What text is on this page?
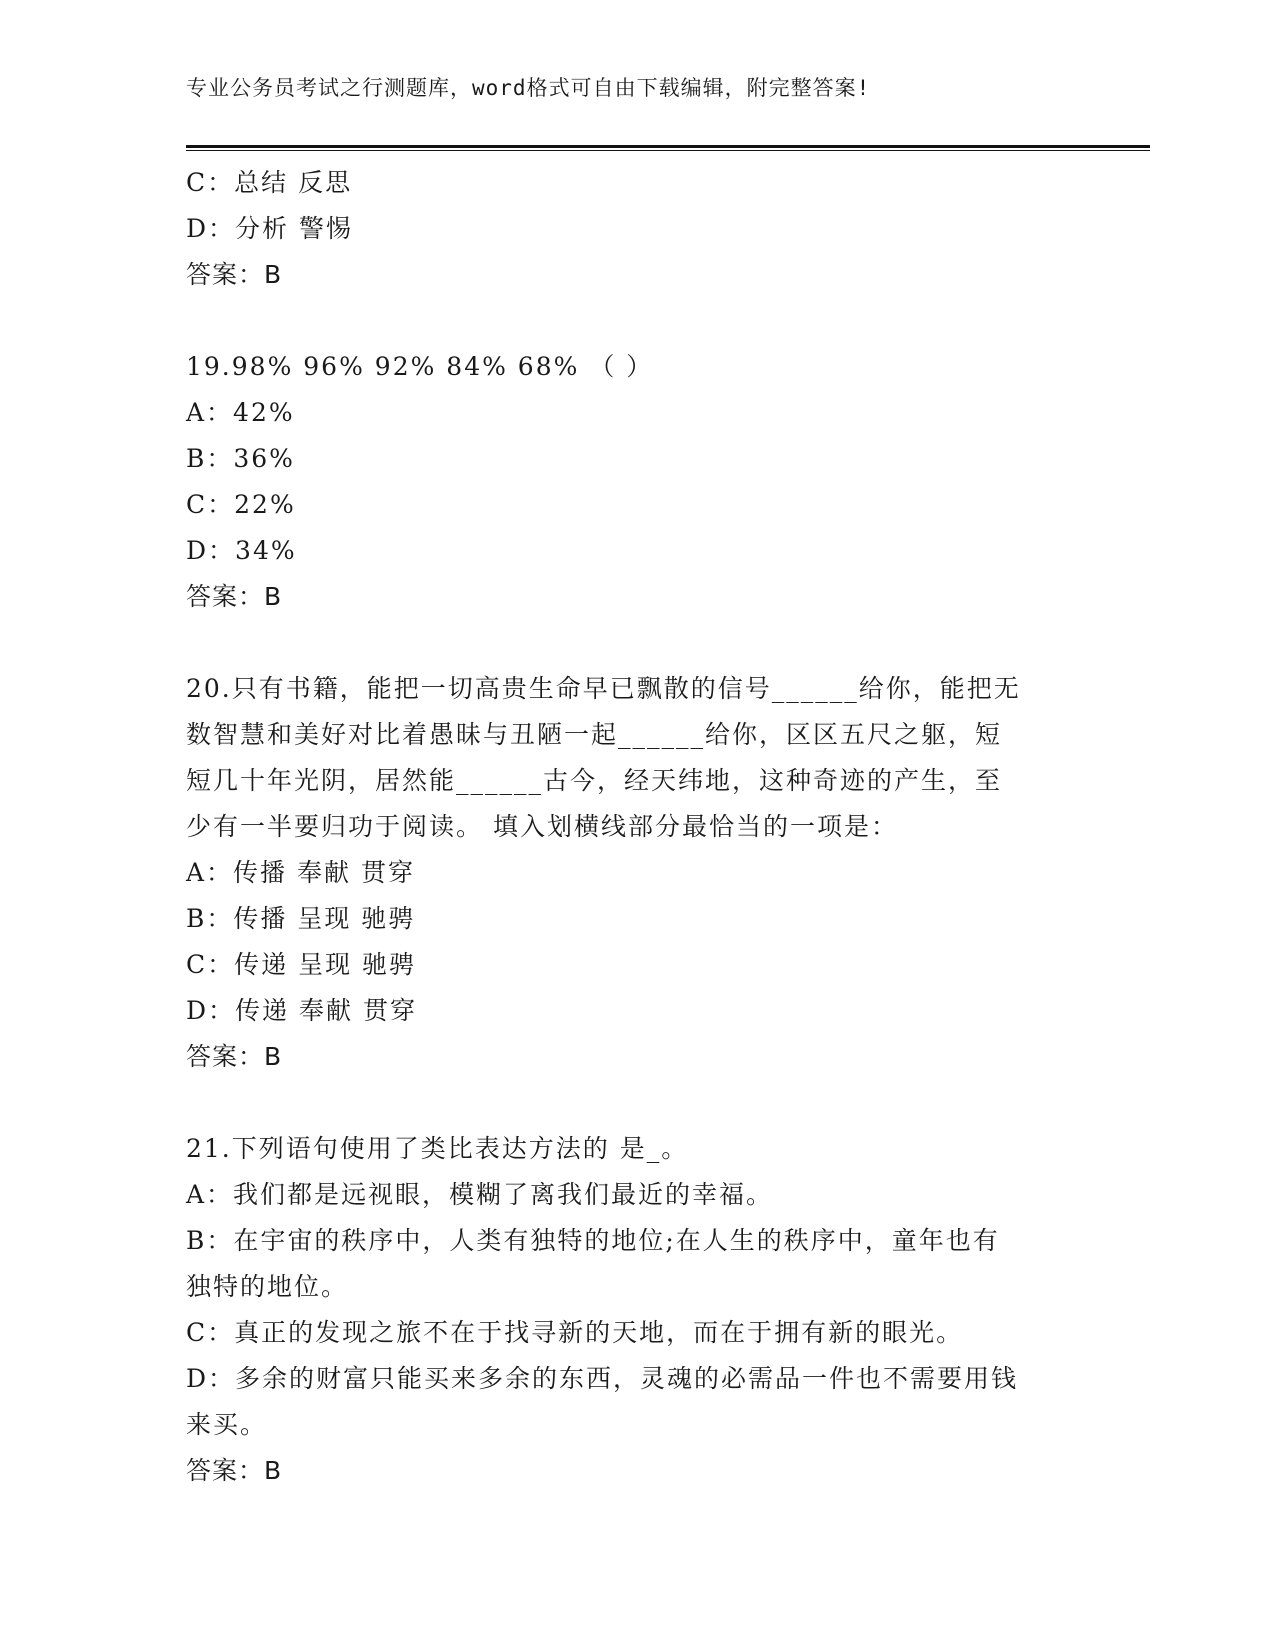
专业公务员考试之行测题库，word格式可自由下载编辑，附完整答案!
C：总结 反思
D：分析 警惕
答案：B
19.98% 96% 92% 84% 68% （ ）
A：42%
B：36%
C：22%
D：34%
答案：B
20.只有书籍，能把一切高贵生命早已飘散的信号______给你，能把无
数智慧和美好对比着愚昧与丑陋一起______给你，区区五尺之躯，短
短几十年光阴，居然能______古今，经天纬地，这种奇迹的产生，至
少有一半要归功于阅读。 填入划横线部分最恰当的一项是：
A：传播 奉献 贯穿
B：传播 呈现 驰骋
C：传递 呈现 驰骋
D：传递 奉献 贯穿
答案：B
21.下列语句使用了类比表达方法的 是_。
A：我们都是远视眼，模糊了离我们最近的幸福。
B：在宇宙的秩序中，人类有独特的地位;在人生的秩序中，童年也有
独特的地位。
C：真正的发现之旅不在于找寻新的天地，而在于拥有新的眼光。
D：多余的财富只能买来多余的东西，灵魂的必需品一件也不需要用钱
来买。
答案：B
